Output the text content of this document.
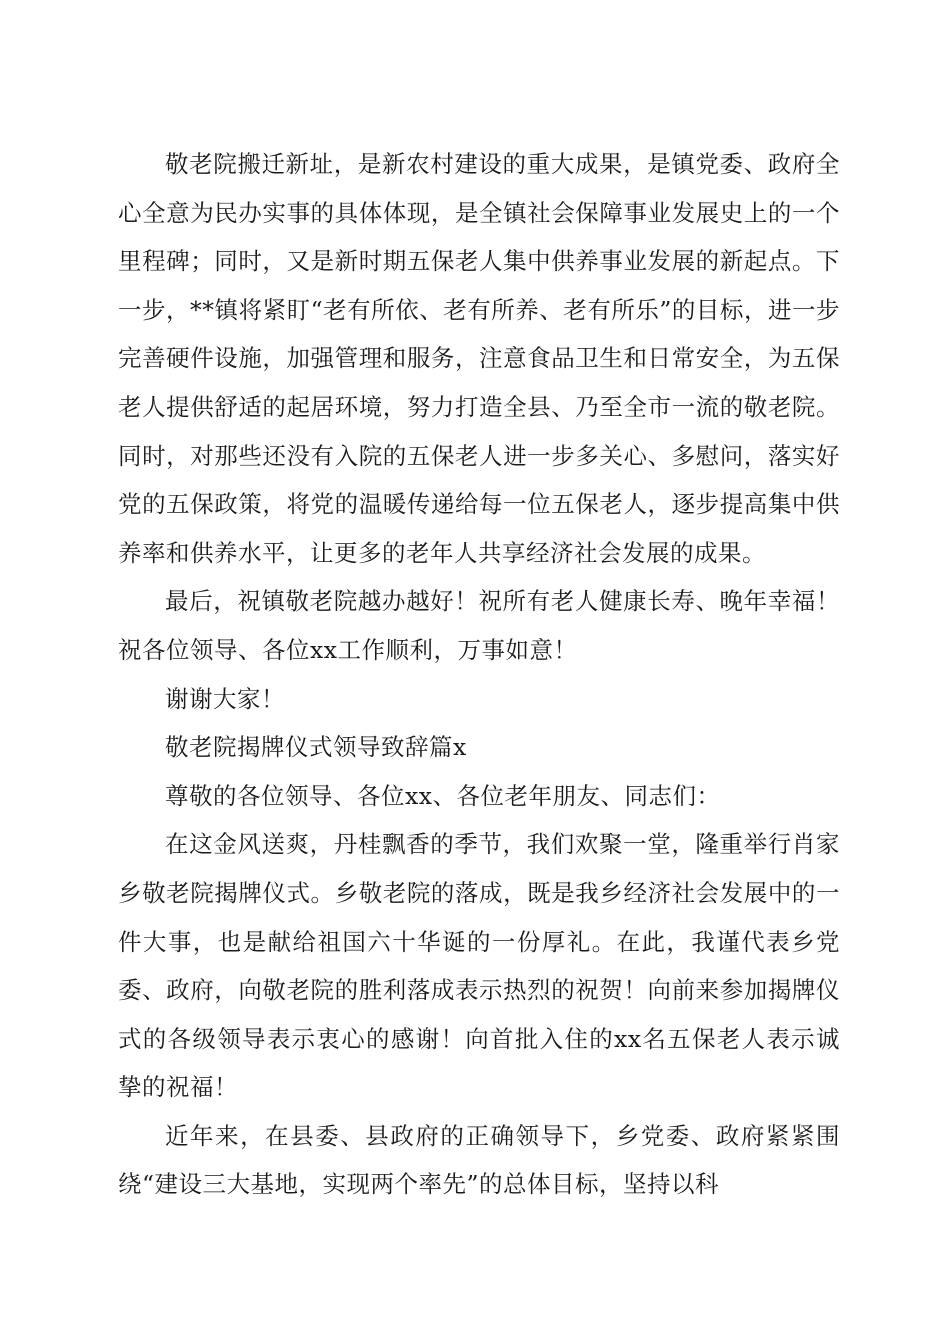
敬老院搬迁新址，是新农村建设的重大成果，是镇党委、政府全心全意为民办实事的具体体现，是全镇社会保障事业发展史上的一个里程碑；同时，又是新时期五保老人集中供养事业发展的新起点。下一步，**镇将紧盯“老有所依、老有所养、老有所乐”的目标，进一步完善硬件设施，加强管理和服务，注意食品卫生和日常安全，为五保老人提供舒适的起居环境，努力打造全县、乃至全市一流的敬老院。同时，对那些还没有入院的五保老人进一步多关心、多慰问，落实好党的五保政策，将党的温暖传递给每一位五保老人，逐步提高集中供养率和供养水平，让更多的老年人共享经济社会发展的成果。

最后，祝镇敬老院越办越好！祝所有老人健康长寿、晚年幸福！祝各位领导、各位xx工作顺利，万事如意！

谢谢大家！

敬老院揭牌仪式领导致辞篇x

尊敬的各位领导、各位xx、各位老年朋友、同志们：

在这金风送爽，丹桂飘香的季节，我们欢聚一堂，隆重举行肖家乡敬老院揭牌仪式。乡敬老院的落成，既是我乡经济社会发展中的一件大事，也是献给祖国六十华诞的一份厚礼。在此，我谨代表乡党委、政府，向敬老院的胜利落成表示热烈的祝贺！向前来参加揭牌仪式的各级领导表示衷心的感谢！向首批入住的xx名五保老人表示诚挚的祝福！

近年来，在县委、县政府的正确领导下，乡党委、政府紧紧围绕“建设三大基地，实现两个率先”的总体目标，坚持以科
